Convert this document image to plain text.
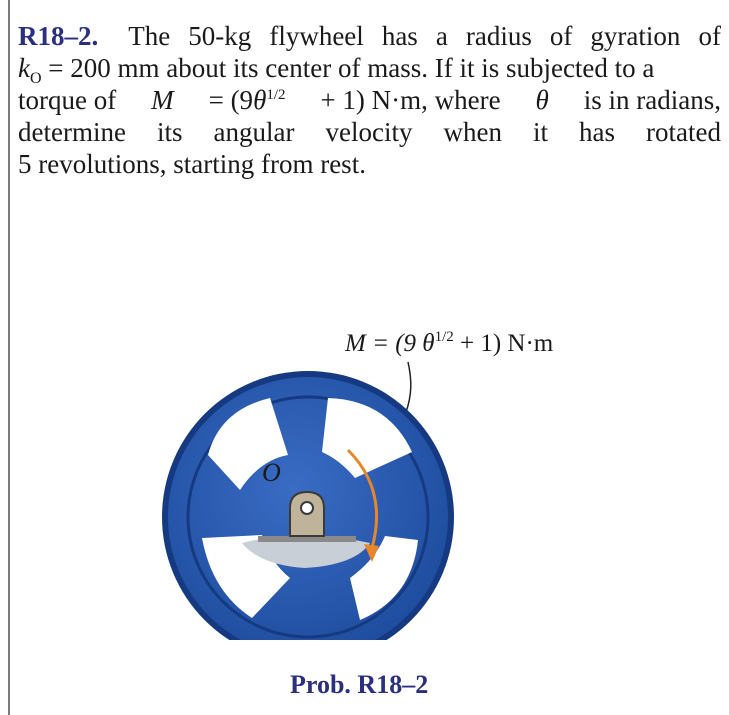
R18–2. The 50-kg flywheel has a radius of gyration of
$k_O = 200$ mm about its center of mass. If it is subjected to a
torque of $M = (9\theta^{1/2} + 1)$ N·m, where θ is in radians,
determine its angular velocity when it has rotated
5 revolutions, starting from rest.
M = (9 $\theta^{1/2} + 1$) N·m
O
Prob. R18–2
